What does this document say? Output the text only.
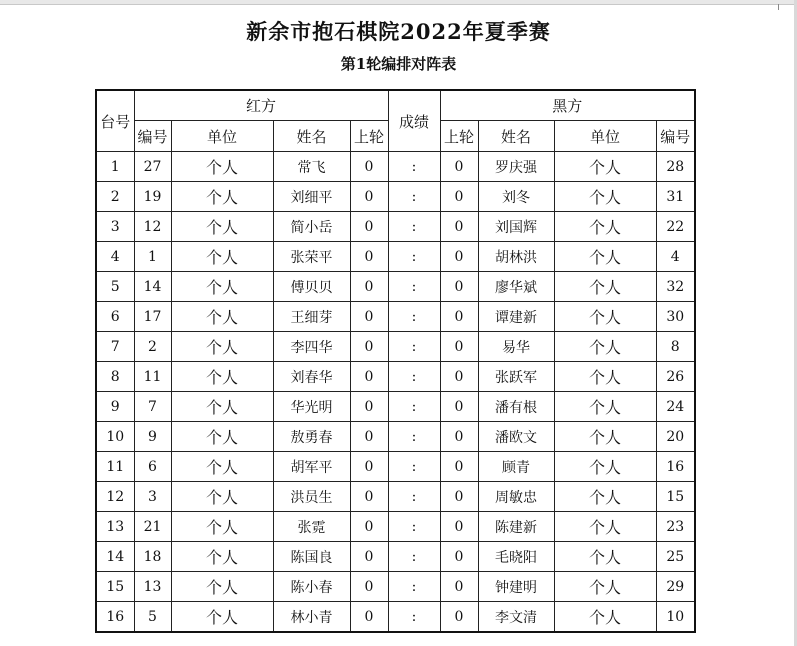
新余市抱石棋院2022年夏季赛
第1轮编排对阵表
台号	红方				成绩	黑方			
	编号	单位	姓名	上轮		上轮	姓名	单位	编号
1	27	个人	常飞	0	:	0	罗庆强	个人	28
2	19	个人	刘细平	0	:	0	刘冬	个人	31
3	12	个人	简小岳	0	:	0	刘国辉	个人	22
4	1	个人	张荣平	0	:	0	胡林洪	个人	4
5	14	个人	傅贝贝	0	:	0	廖华斌	个人	32
6	17	个人	王细芽	0	:	0	谭建新	个人	30
7	2	个人	李四华	0	:	0	易华	个人	8
8	11	个人	刘春华	0	:	0	张跃军	个人	26
9	7	个人	华光明	0	:	0	潘有根	个人	24
10	9	个人	敖勇春	0	:	0	潘欧文	个人	20
11	6	个人	胡军平	0	:	0	顾青	个人	16
12	3	个人	洪员生	0	:	0	周敏忠	个人	15
13	21	个人	张霓	0	:	0	陈建新	个人	23
14	18	个人	陈国良	0	:	0	毛晓阳	个人	25
15	13	个人	陈小春	0	:	0	钟建明	个人	29
16	5	个人	林小青	0	:	0	李文清	个人	10
